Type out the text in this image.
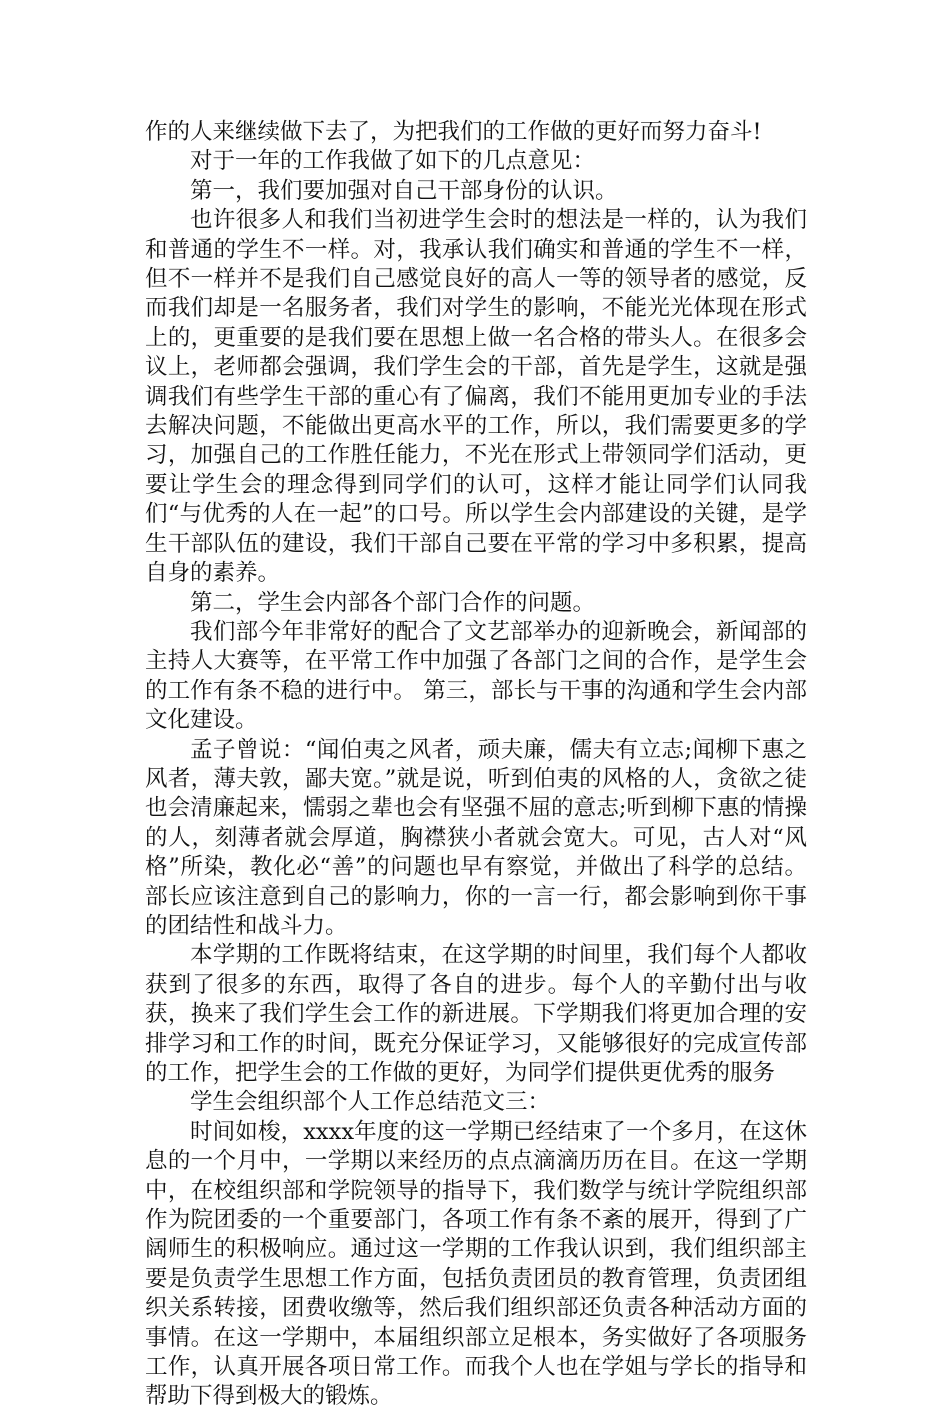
作的人来继续做下去了，为把我们的工作做的更好而努力奋斗!

对于一年的工作我做了如下的几点意见：

第一，我们要加强对自己干部身份的认识。

也许很多人和我们当初进学生会时的想法是一样的，认为我们和普通的学生不一样。对，我承认我们确实和普通的学生不一样，但不一样并不是我们自己感觉良好的高人一等的领导者的感觉，反而我们却是一名服务者，我们对学生的影响，不能光光体现在形式上的，更重要的是我们要在思想上做一名合格的带头人。在很多会议上，老师都会强调，我们学生会的干部，首先是学生，这就是强调我们有些学生干部的重心有了偏离，我们不能用更加专业的手法去解决问题，不能做出更高水平的工作，所以，我们需要更多的学习，加强自己的工作胜任能力，不光在形式上带领同学们活动，更要让学生会的理念得到同学们的认可，这样才能让同学们认同我们“与优秀的人在一起”的口号。所以学生会内部建设的关键，是学生干部队伍的建设，我们干部自己要在平常的学习中多积累，提高自身的素养。

第二，学生会内部各个部门合作的问题。

我们部今年非常好的配合了文艺部举办的迎新晚会，新闻部的主持人大赛等，在平常工作中加强了各部门之间的合作，是学生会的工作有条不稳的进行中。 第三，部长与干事的沟通和学生会内部文化建设。

孟子曾说：“闻伯夷之风者，顽夫廉，儒夫有立志;闻柳下惠之风者，薄夫敦，鄙夫宽。”就是说，听到伯夷的风格的人，贪欲之徒也会清廉起来，懦弱之辈也会有坚强不屈的意志;听到柳下惠的情操的人，刻薄者就会厚道，胸襟狭小者就会宽大。可见，古人对“风格”所染，教化必“善”的问题也早有察觉，并做出了科学的总结。部长应该注意到自己的影响力，你的一言一行，都会影响到你干事的团结性和战斗力。

本学期的工作既将结束，在这学期的时间里，我们每个人都收获到了很多的东西，取得了各自的进步。每个人的辛勤付出与收获，换来了我们学生会工作的新进展。下学期我们将更加合理的安排学习和工作的时间，既充分保证学习，又能够很好的完成宣传部的工作，把学生会的工作做的更好，为同学们提供更优秀的服务

学生会组织部个人工作总结范文三：

时间如梭，xxxx年度的这一学期已经结束了一个多月，在这休息的一个月中，一学期以来经历的点点滴滴历历在目。在这一学期中，在校组织部和学院领导的指导下，我们数学与统计学院组织部作为院团委的一个重要部门，各项工作有条不紊的展开，得到了广阔师生的积极响应。通过这一学期的工作我认识到，我们组织部主要是负责学生思想工作方面，包括负责团员的教育管理，负责团组织关系转接，团费收缴等，然后我们组织部还负责各种活动方面的事情。在这一学期中，本届组织部立足根本，务实做好了各项服务工作，认真开展各项日常工作。而我个人也在学姐与学长的指导和帮助下得到极大的锻炼。
